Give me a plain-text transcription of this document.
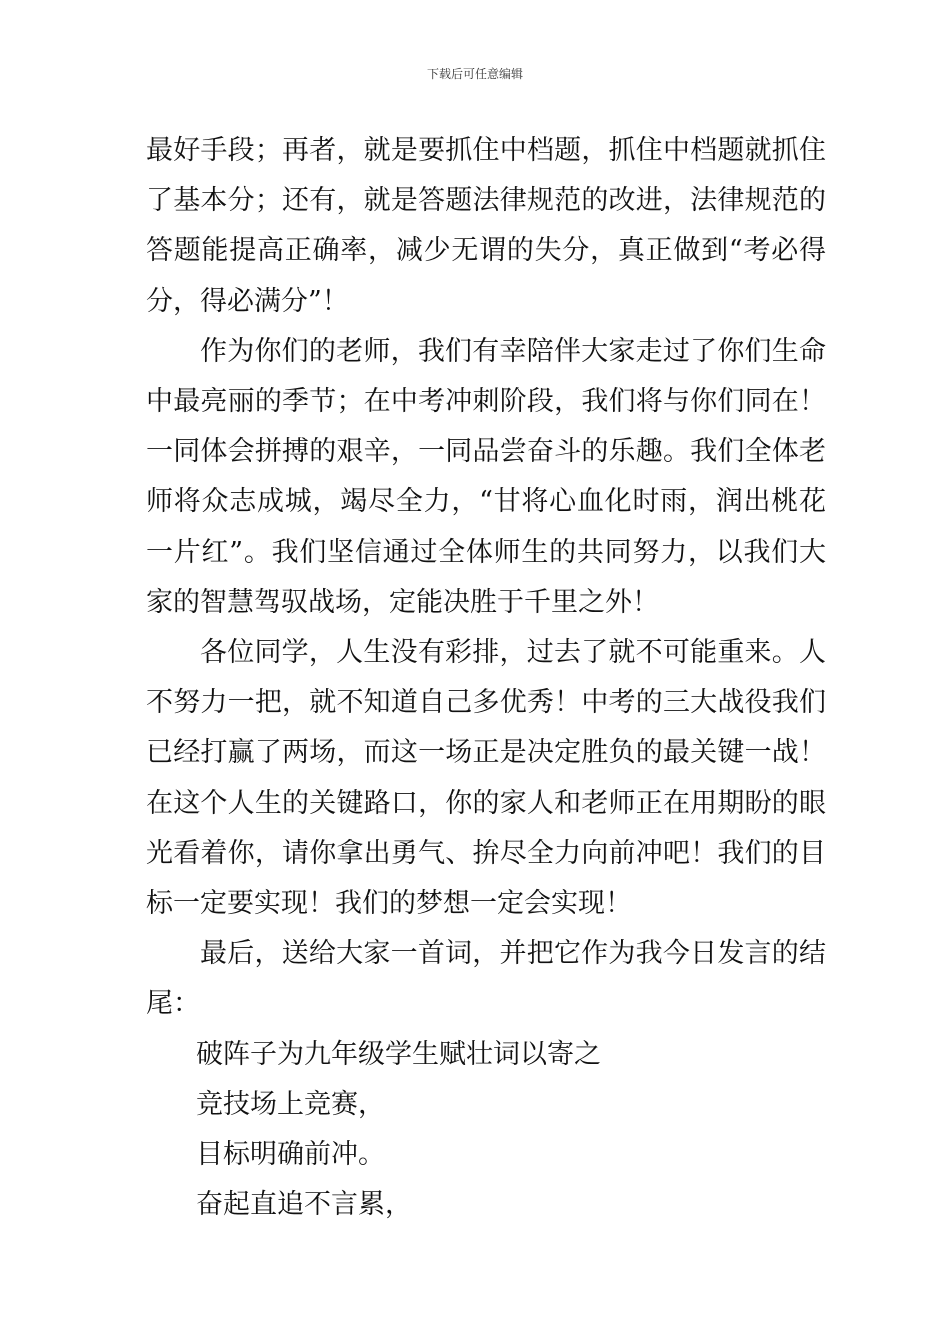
下载后可任意编辑

最好手段；再者，就是要抓住中档题，抓住中档题就抓住了基本分；还有，就是答题法律规范的改进，法律规范的答题能提高正确率，减少无谓的失分，真正做到“考必得分，得必满分”！

作为你们的老师，我们有幸陪伴大家走过了你们生命中最亮丽的季节；在中考冲刺阶段，我们将与你们同在！一同体会拼搏的艰辛，一同品尝奋斗的乐趣。我们全体老师将众志成城，竭尽全力，“甘将心血化时雨，润出桃花一片红”。我们坚信通过全体师生的共同努力，以我们大家的智慧驾驭战场，定能决胜于千里之外！

各位同学，人生没有彩排，过去了就不可能重来。人不努力一把，就不知道自己多优秀！中考的三大战役我们已经打赢了两场，而这一场正是决定胜负的最关键一战！在这个人生的关键路口，你的家人和老师正在用期盼的眼光看着你，请你拿出勇气、拚尽全力向前冲吧！我们的目标一定要实现！我们的梦想一定会实现！

最后，送给大家一首词，并把它作为我今日发言的结尾：

破阵子为九年级学生赋壮词以寄之

竞技场上竞赛，

目标明确前冲。

奋起直追不言累，
